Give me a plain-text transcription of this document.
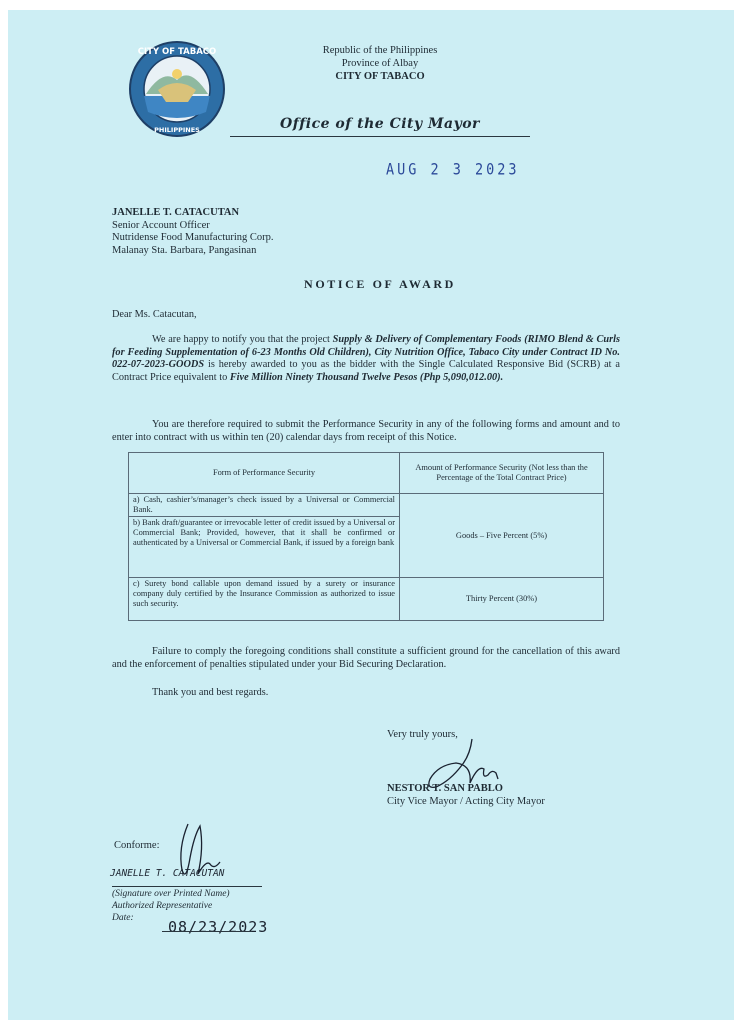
CITY OF TABACO
PHILIPPINES
Republic of the Philippines
Province of Albay
CITY OF TABACO
Office of the City Mayor
AUG 2 3 2023
JANELLE T. CATACUTAN
Senior Account Officer
Nutridense Food Manufacturing Corp.
Malanay Sta. Barbara, Pangasinan
NOTICE OF AWARD
Dear Ms. Catacutan,
We are happy to notify you that the project Supply & Delivery of Complementary Foods (RIMO Blend & Curls for Feeding Supplementation of 6-23 Months Old Children), City Nutrition Office, Tabaco City under Contract ID No. 022-07-2023-GOODS is hereby awarded to you as the bidder with the Single Calculated Responsive Bid (SCRB) at a Contract Price equivalent to Five Million Ninety Thousand Twelve Pesos (Php 5,090,012.00).
You are therefore required to submit the Performance Security in any of the following forms and amount and to enter into contract with us within ten (20) calendar days from receipt of this Notice.
Form of Performance Security	Amount of Performance Security (Not less than the Percentage of the Total Contract Price)
a) Cash, cashier’s/manager’s check issued by a Universal or Commercial Bank.	Goods – Five Percent (5%)
b) Bank draft/guarantee or irrevocable letter of credit issued by a Universal or Commercial Bank; Provided, however, that it shall be confirmed or authenticated by a Universal or Commercial Bank, if issued by a foreign bank	
c) Surety bond callable upon demand issued by a surety or insurance company duly certified by the Insurance Commission as authorized to issue such security.	Thirty Percent (30%)
Failure to comply the foregoing conditions shall constitute a sufficient ground for the cancellation of this award and the enforcement of penalties stipulated under your Bid Securing Declaration.
Thank you and best regards.
Very truly yours,
NESTOR T. SAN PABLO
City Vice Mayor / Acting City Mayor
Conforme:
JANELLE T. CATACUTAN
(Signature over Printed Name)
Authorized Representative
Date:	08/23/2023
